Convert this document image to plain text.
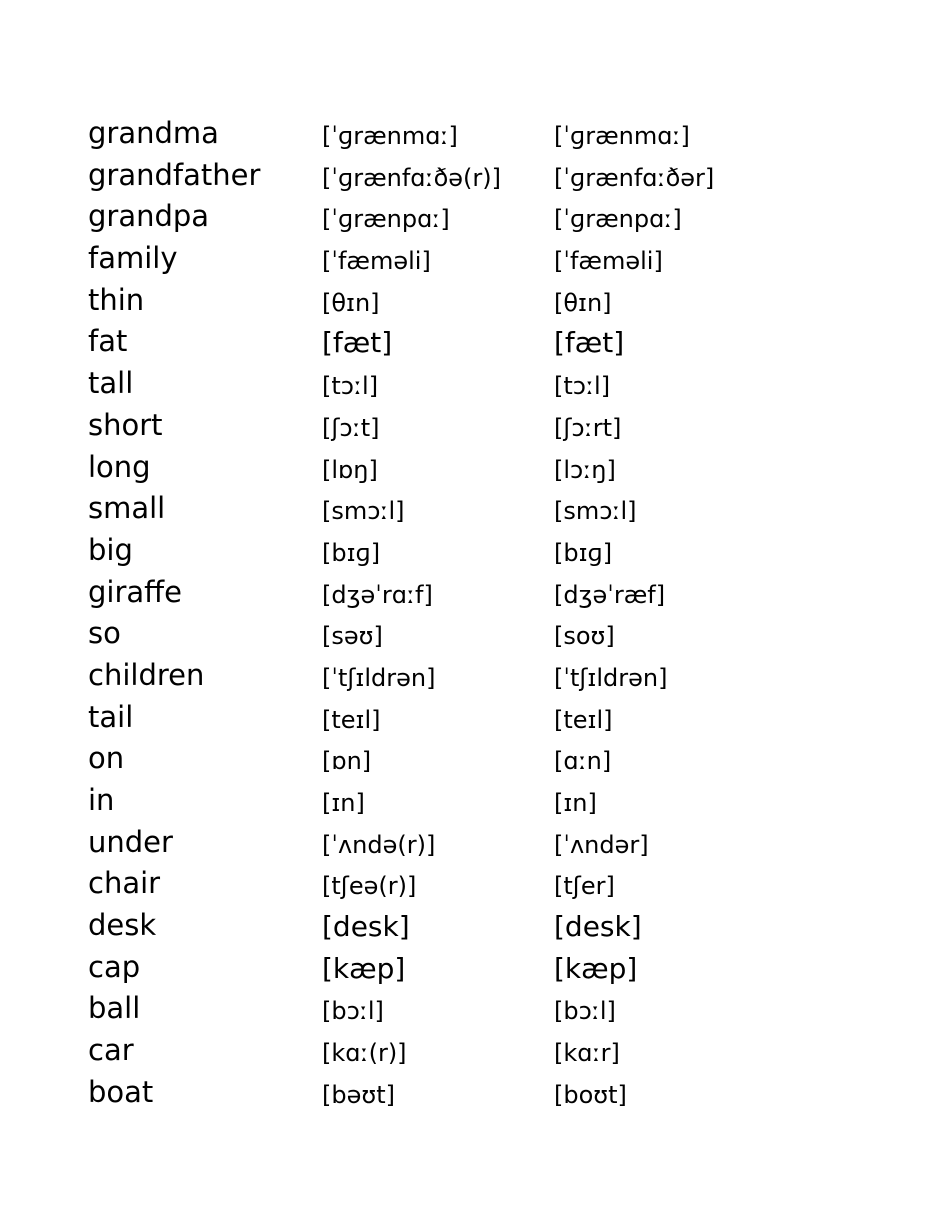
grandma	[ˈɡrænmɑː]	[ˈɡrænmɑː]
grandfather	[ˈɡrænfɑːðə(r)] [ˈɡrænfɑːðər]
grandpa	[ˈɡrænpɑː]	[ˈɡrænpɑː]
family	[ˈfæməli]	[ˈfæməli]
thin	[θɪn]	[θɪn]
fat	[fæt]	[fæt]
tall	[tɔːl]	[tɔːl]
short	[ʃɔːt]	[ʃɔːrt]
long	[lɒŋ]	[lɔːŋ]
small	[smɔːl]	[smɔːl]
big	[bɪɡ]	[bɪɡ]
giraffe	[dʒəˈrɑːf]	[dʒəˈræf]
so	[səʊ]	[soʊ]
children	[ˈtʃɪldrən]	[ˈtʃɪldrən]
tail	[teɪl]	[teɪl]
on	[ɒn]	[ɑːn]
in	[ɪn]	[ɪn]
under	[ˈʌndə(r)]	[ˈʌndər]
chair	[tʃeə(r)]	[tʃer]
desk	[desk]	[desk]
cap	[kæp]	[kæp]
ball	[bɔːl]	[bɔːl]
car	[kɑː(r)]	[kɑːr]
boat	[bəʊt]	[boʊt]
